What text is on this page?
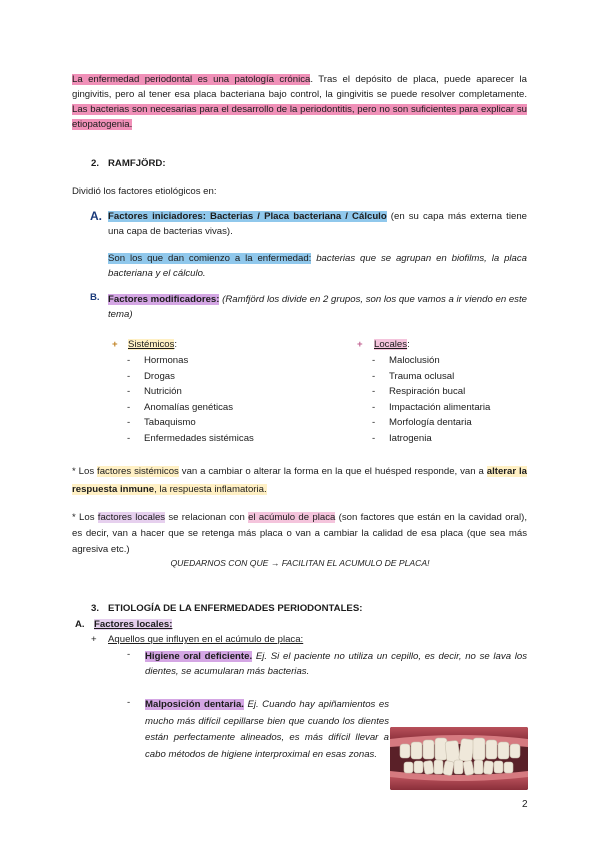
La enfermedad periodontal es una patología crónica. Tras el depósito de placa, puede aparecer la gingivitis, pero al tener esa placa bacteriana bajo control, la gingivitis se puede resolver completamente. Las bacterias son necesarias para el desarrollo de la periodontitis, pero no son suficientes para explicar su etiopatogenia.

2. RAMFJÖRD:
Dividió los factores etiológicos en:
A. Factores iniciadores: Bacterias / Placa bacteriana / Cálculo (en su capa más externa tiene una capa de bacterias vivas).

Son los que dan comienzo a la enfermedad: bacterias que se agrupan en biofilms, la placa bacteriana y el cálculo.

B. Factores modificadores: (Ramfjörd los divide en 2 grupos, son los que vamos a ir viendo en este tema)

+ Sistémicos:
- Hormonas
- Drogas
- Nutrición
- Anomalías genéticas
- Tabaquismo
- Enfermedades sistémicas
+ Locales:
- Maloclusión
- Trauma oclusal
- Respiración bucal
- Impactación alimentaria
- Morfología dentaria
- Iatrogenia

* Los factores sistémicos van a cambiar o alterar la forma en la que el huésped responde, van a alterar la respuesta inmune, la respuesta inflamatoria.

* Los factores locales se relacionan con el acúmulo de placa (son factores que están en la cavidad oral), es decir, van a hacer que se retenga más placa o van a cambiar la calidad de esa placa (que sea más agresiva etc.)

QUEDARNOS CON QUE → FACILITAN EL ACUMULO DE PLACA!
3. ETIOLOGÍA DE LA ENFERMEDADES PERIODONTALES:
A. Factores locales:
+ Aquellos que influyen en el acúmulo de placa:
- Higiene oral deficiente. Ej. Si el paciente no utiliza un cepillo, es decir, no se lava los dientes, se acumularan más bacterias.

- Malposición dentaria. Ej. Cuando hay apiñamientos es mucho más difícil cepillarse bien que cuando los dientes están perfectamente alineados, es más difícil llevar a cabo métodos de higiene interproximal en esas zonas.

2
